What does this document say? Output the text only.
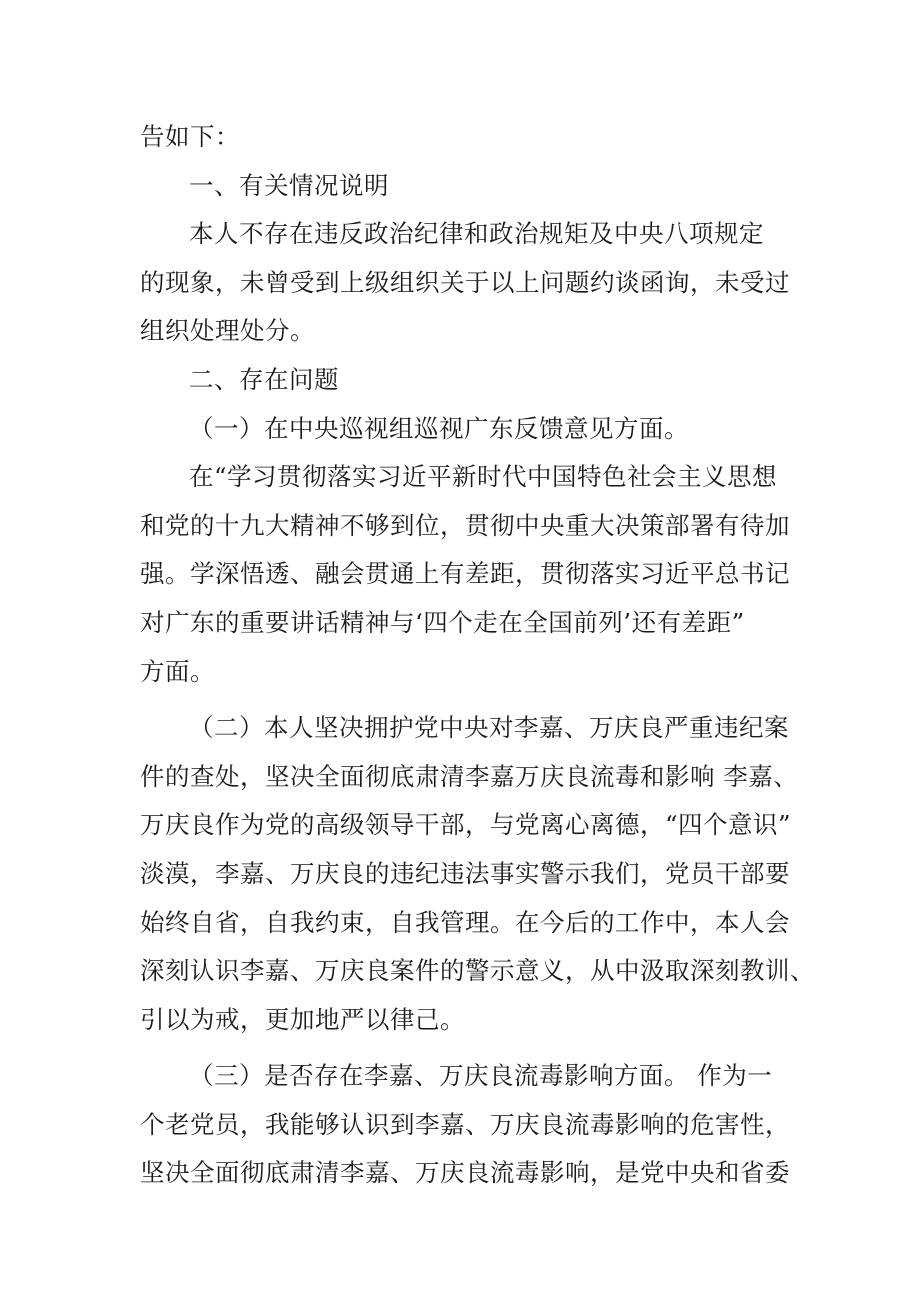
告如下：
一、有关情况说明
本人不存在违反政治纪律和政治规矩及中央八项规定
的现象，未曾受到上级组织关于以上问题约谈函询，未受过
组织处理处分。
二、存在问题
（一）在中央巡视组巡视广东反馈意见方面。
在“学习贯彻落实习近平新时代中国特色社会主义思想
和党的十九大精神不够到位，贯彻中央重大决策部署有待加
强。学深悟透、融会贯通上有差距，贯彻落实习近平总书记
对广东的重要讲话精神与‘四个走在全国前列’还有差距”
方面。
（二）本人坚决拥护党中央对李嘉、万庆良严重违纪案
件的查处，坚决全面彻底肃清李嘉万庆良流毒和影响 李嘉、
万庆良作为党的高级领导干部，与党离心离德，“四个意识”
淡漠，李嘉、万庆良的违纪违法事实警示我们，党员干部要
始终自省，自我约束，自我管理。在今后的工作中，本人会
深刻认识李嘉、万庆良案件的警示意义，从中汲取深刻教训、
引以为戒，更加地严以律己。
（三）是否存在李嘉、万庆良流毒影响方面。 作为一
个老党员，我能够认识到李嘉、万庆良流毒影响的危害性，
坚决全面彻底肃清李嘉、万庆良流毒影响，是党中央和省委
